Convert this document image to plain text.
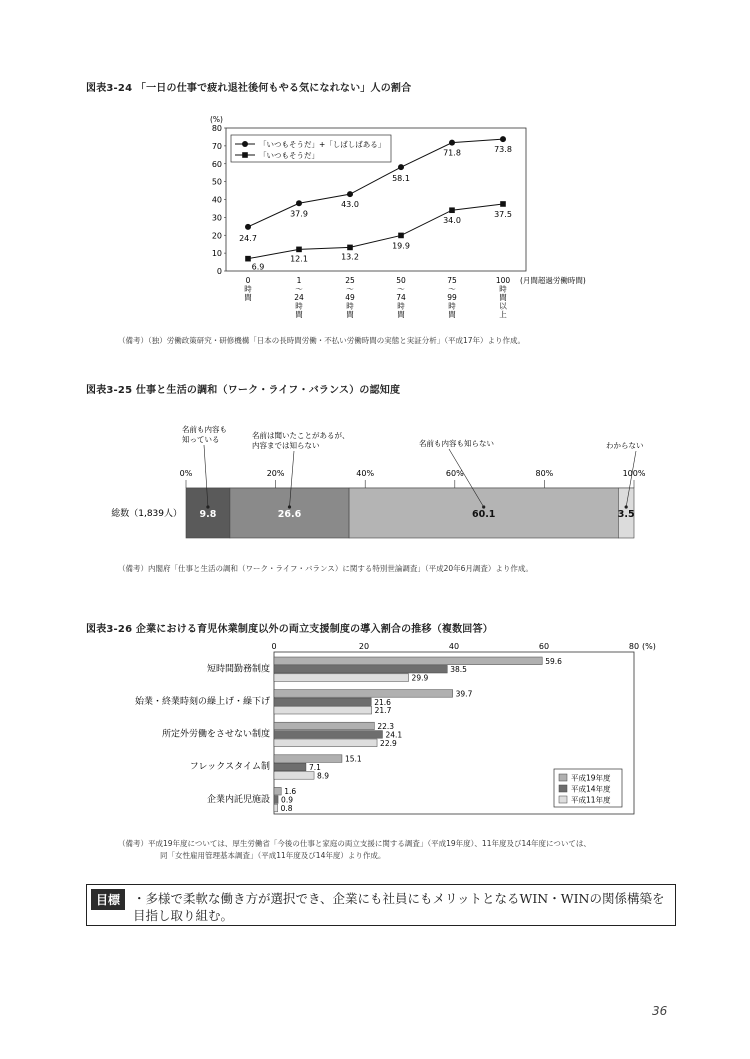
図表3-24 「一日の仕事で疲れ退社後何もやる気になれない」人の割合
(%)
0
10
20
30
40
50
60
70
80
0
時
間
1
〜
24
時
間
25
〜
49
時
間
50
〜
74
時
間
75
〜
99
時
間
100
時
間
以
上
(月間超過労働時間)
24.7
37.9
43.0
58.1
71.8	73.8
6.9
12.1	13.2
19.9
34.0
37.5
「いつもそうだ」+「しばしばある」
「いつもそうだ」
（備考）（独）労働政策研究・研修機構「日本の長時間労働・不払い労働時間の実態と実証分析」（平成17年）より作成。
図表3-25 仕事と生活の調和（ワーク・ライフ・バランス）の認知度
0%	20%	40%	60%	80%	100%
総数（1,839人） 9.8
名前も内容も
知っている
26.6
名前は聞いたことがあるが、
内容までは知らない
60.1
名前も内容も知らない
3.5
わからない
（備考）内閣府「仕事と生活の調和（ワーク・ライフ・バランス）に関する特別世論調査」（平成20年6月調査）より作成。
図表3-26 企業における育児休業制度以外の両立支援制度の導入割合の推移（複数回答）
0	20	40	60	80 (%)
短時間勤務制度
59.6
38.5
29.9
始業・終業時刻の繰上げ・繰下げ
39.7
21.6
21.7
所定外労働をさせない制度
22.3
24.1
22.9
フレックスタイム制
15.1
7.1
8.9
企業内託児施設
1.6
0.9
0.8
平成19年度
平成14年度
平成11年度
（備考）平成19年度については、厚生労働省「今後の仕事と家庭の両立支援に関する調査」（平成19年度）、11年度及び14年度については、
同「女性雇用管理基本調査」（平成11年度及び14年度）より作成。
目標	・多様で柔軟な働き方が選択でき、企業にも社員にもメリットとなるWIN・WINの関係構築を目指し取り組む。
36
